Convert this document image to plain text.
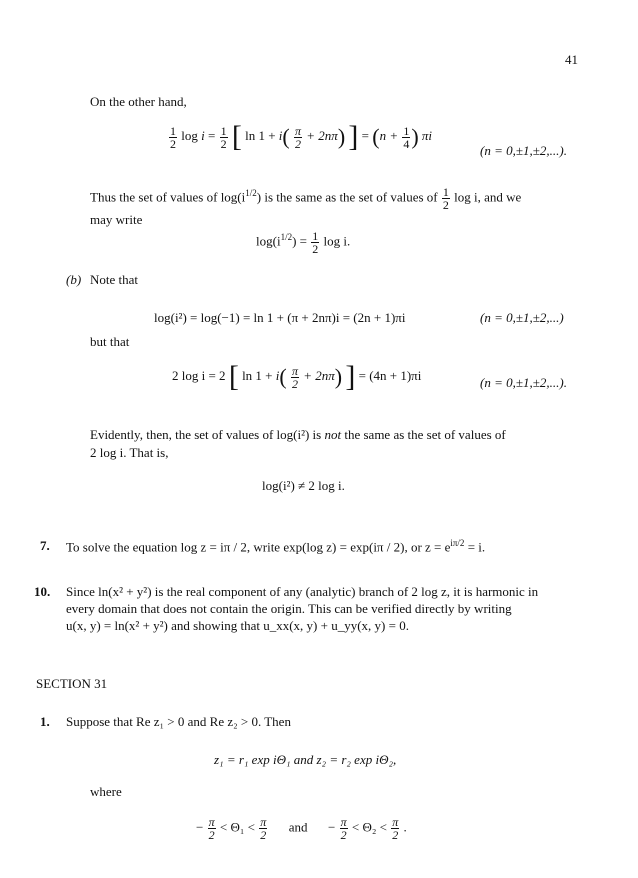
41
On the other hand,
$\frac{1}{2}$ $\log i = \frac{1}{2}$ [ $\ln 1 + i( \frac{\pi}{2} + 2n\pi)$ ] = ($n + \frac{1}{4}$ ) πi
(n = 0,±1,±2,...).
Thus the set of values of $\log(i^{1/2})$ is the same as the set of values of $\frac{1}{2}$ log i, and we
may write
$\log(i^{1/2}) = \frac{1}{2}$ log i.
(b) Note that
log(i²) = log(−1) = ln 1 + (π + 2nπ)i = (2n + 1)πi	(n = 0,±1,±2,...)
but that
2 log i = 2 [ $\ln 1 + i( \frac{\pi}{2} + 2n\pi)$ ] = (4n + 1)πi	(n = 0,±1,±2,...).
Evidently, then, the set of values of log(i²) is not the same as the set of values of
2 log i. That is,
log(i²) ≠ 2 log i.
7. To solve the equation log z = iπ / 2, write exp(log z) = exp(iπ / 2), or $z = e^{i\pi/2} = i$.
10. Since ln(x² + y²) is the real component of any (analytic) branch of 2 log z, it is harmonic in
every domain that does not contain the origin. This can be verified directly by writing
u(x, y) = ln(x² + y²) and showing that u_xx(x, y) + u_yy(x, y) = 0.
SECTION 31
1. Suppose that Re z₁ > 0 and Re z₂ > 0. Then
z₁ = r₁ exp iΘ₁ and z₂ = r₂ exp iΘ₂,
where
− $\frac{\pi}{2} < \Theta_1 < \frac{\pi}{2}$ and − $\frac{\pi}{2} < \Theta_2 < \frac{\pi}{2}$ .
